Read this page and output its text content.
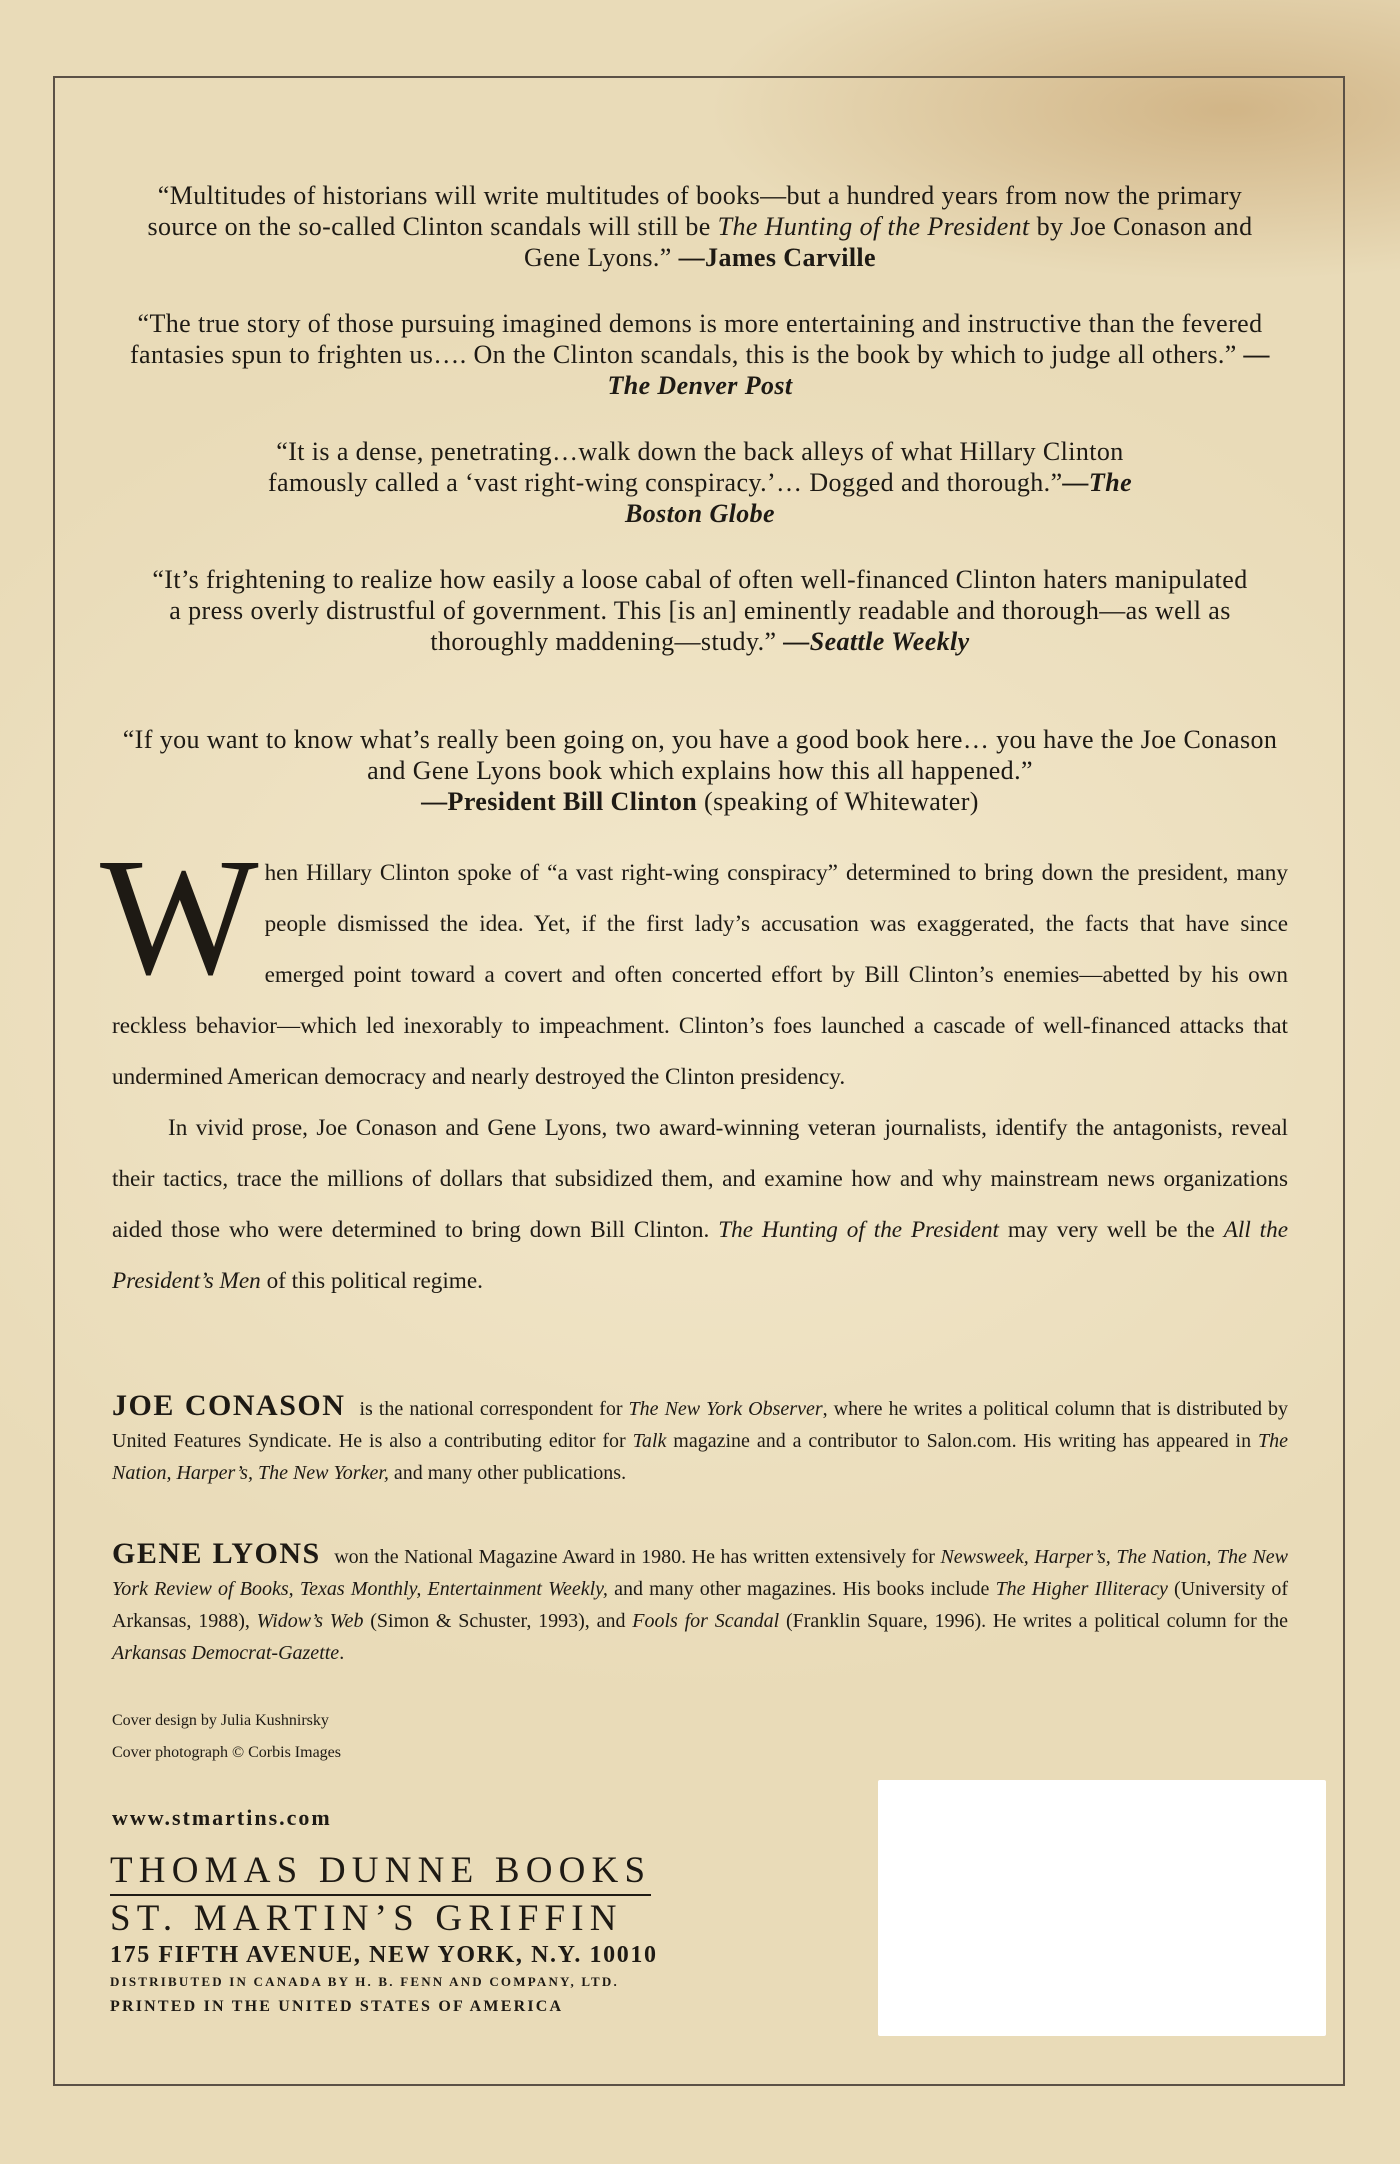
“Multitudes of historians will write multitudes of books—but a hundred years from now the primary source on the so-called Clinton scandals will still be The Hunting of the President by Joe Conason and Gene Lyons.” —James Carville
“The true story of those pursuing imagined demons is more entertaining and instructive than the fevered fantasies spun to frighten us…. On the Clinton scandals, this is the book by which to judge all others.” —The Denver Post
“It is a dense, penetrating…walk down the back alleys of what Hillary Clinton famously called a ‘vast right-wing conspiracy.’… Dogged and thorough.”—The Boston Globe
“It’s frightening to realize how easily a loose cabal of often well-financed Clinton haters manipulated a press overly distrustful of government. This [is an] eminently readable and thorough—as well as thoroughly maddening—study.” —Seattle Weekly
“If you want to know what’s really been going on, you have a good book here… you have the Joe Conason and Gene Lyons book which explains how this all happened.”
—President Bill Clinton (speaking of Whitewater)

When Hillary Clinton spoke of “a vast right-wing conspiracy” determined to bring down the president, many people dismissed the idea. Yet, if the first lady’s accusation was exaggerated, the facts that have since emerged point toward a covert and often concerted effort by Bill Clinton’s enemies—abetted by his own reckless behavior—which led inexorably to impeachment. Clinton’s foes launched a cascade of well-financed attacks that undermined American democracy and nearly destroyed the Clinton presidency.

In vivid prose, Joe Conason and Gene Lyons, two award-winning veteran journalists, identify the antagonists, reveal their tactics, trace the millions of dollars that subsidized them, and examine how and why mainstream news organizations aided those who were determined to bring down Bill Clinton. The Hunting of the President may very well be the All the President’s Men of this political regime.

JOE CONASON is the national correspondent for The New York Observer, where he writes a political column that is distributed by United Features Syndicate. He is also a contributing editor for Talk magazine and a contributor to Salon.com. His writing has appeared in The Nation, Harper’s, The New Yorker, and many other publications.
GENE LYONS won the National Magazine Award in 1980. He has written extensively for Newsweek, Harper’s, The Nation, The New York Review of Books, Texas Monthly, Entertainment Weekly, and many other magazines. His books include The Higher Illiteracy (University of Arkansas, 1988), Widow’s Web (Simon & Schuster, 1993), and Fools for Scandal (Franklin Square, 1996). He writes a political column for the Arkansas Democrat-Gazette.
Cover design by Julia Kushnirsky
Cover photograph © Corbis Images
www.stmartins.com
THOMAS DUNNE BOOKS
ST. MARTIN’S GRIFFIN
175 FIFTH AVENUE, NEW YORK, N.Y. 10010
DISTRIBUTED IN CANADA BY H. B. FENN AND COMPANY, LTD.
PRINTED IN THE UNITED STATES OF AMERICA
